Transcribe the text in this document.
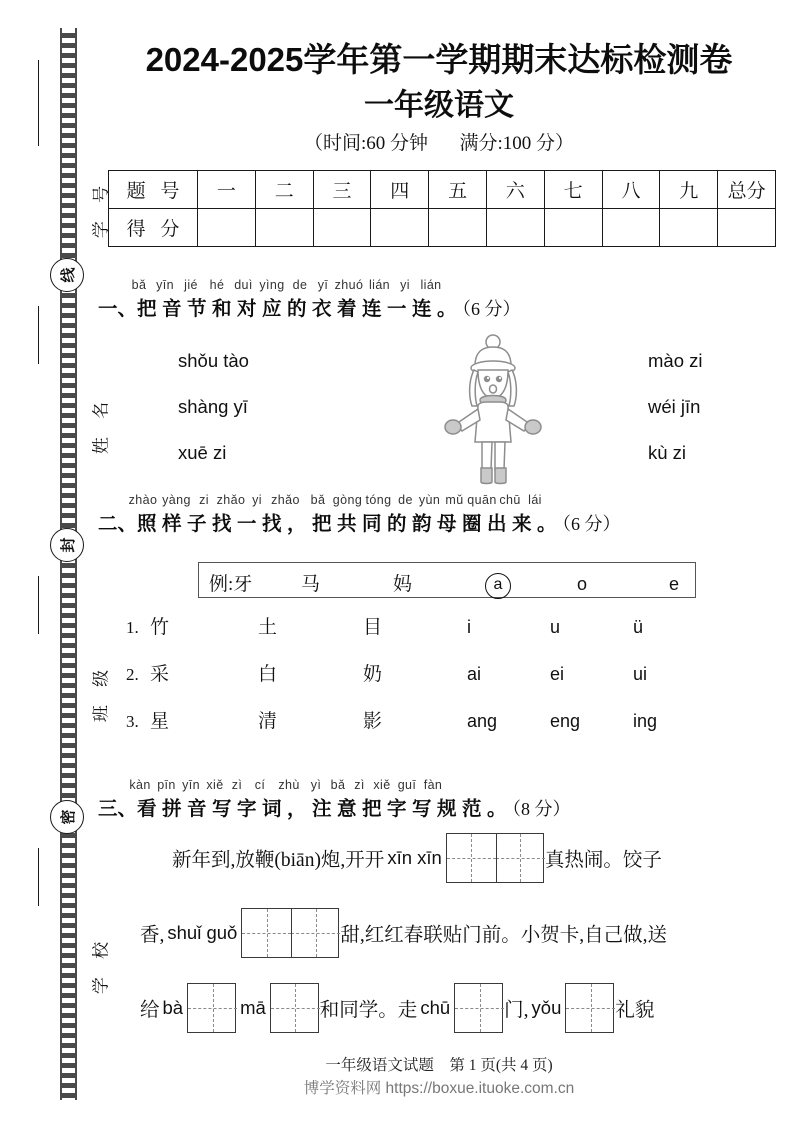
学 号
线
姓 名
封
班 级
密
学 校
2024-2025学年第一学期期末达标检测卷
一年级语文
（时间:60 分钟 满分:100 分）
题 号	一	二	三	四	五	六	七	八	九	总分
得 分										
bǎ yīn jié hé duì yìng de yī zhuó lián yi lián
一、把音节和对应的衣着连一连。（6 分）
shǒu tào
shàng yī
xuē zi
mào zi
wéi jīn
kù zi
zhào yàng zi zhǎo yi zhǎo bǎ gòng tóng de yùn mǔ quān chū lái
二、照样子找一找，把共同的韵母圈出来。（6 分）
例:牙	马	妈	a	o	e
1. 竹	土	目	i	u	ü
2. 采	白	奶	ai	ei	ui
3. 星	清	影	ang	eng	ing
kàn pīn yīn xiě zì cí zhù yì bǎ zì xiě guī fàn
三、看拼音写字词，注意把字写规范。（8 分）
新年到,放鞭(biān)炮,开开 xīn xīn	真热闹。饺子
香, shuǐ guǒ	甜,红红春联贴门前。小贺卡,自己做,送
给 bà	mā	和同学。走 chū	门, yǒu	礼貌
一年级语文试题　第 1 页(共 4 页)
博学资料网 https://boxue.ituoke.com.cn
